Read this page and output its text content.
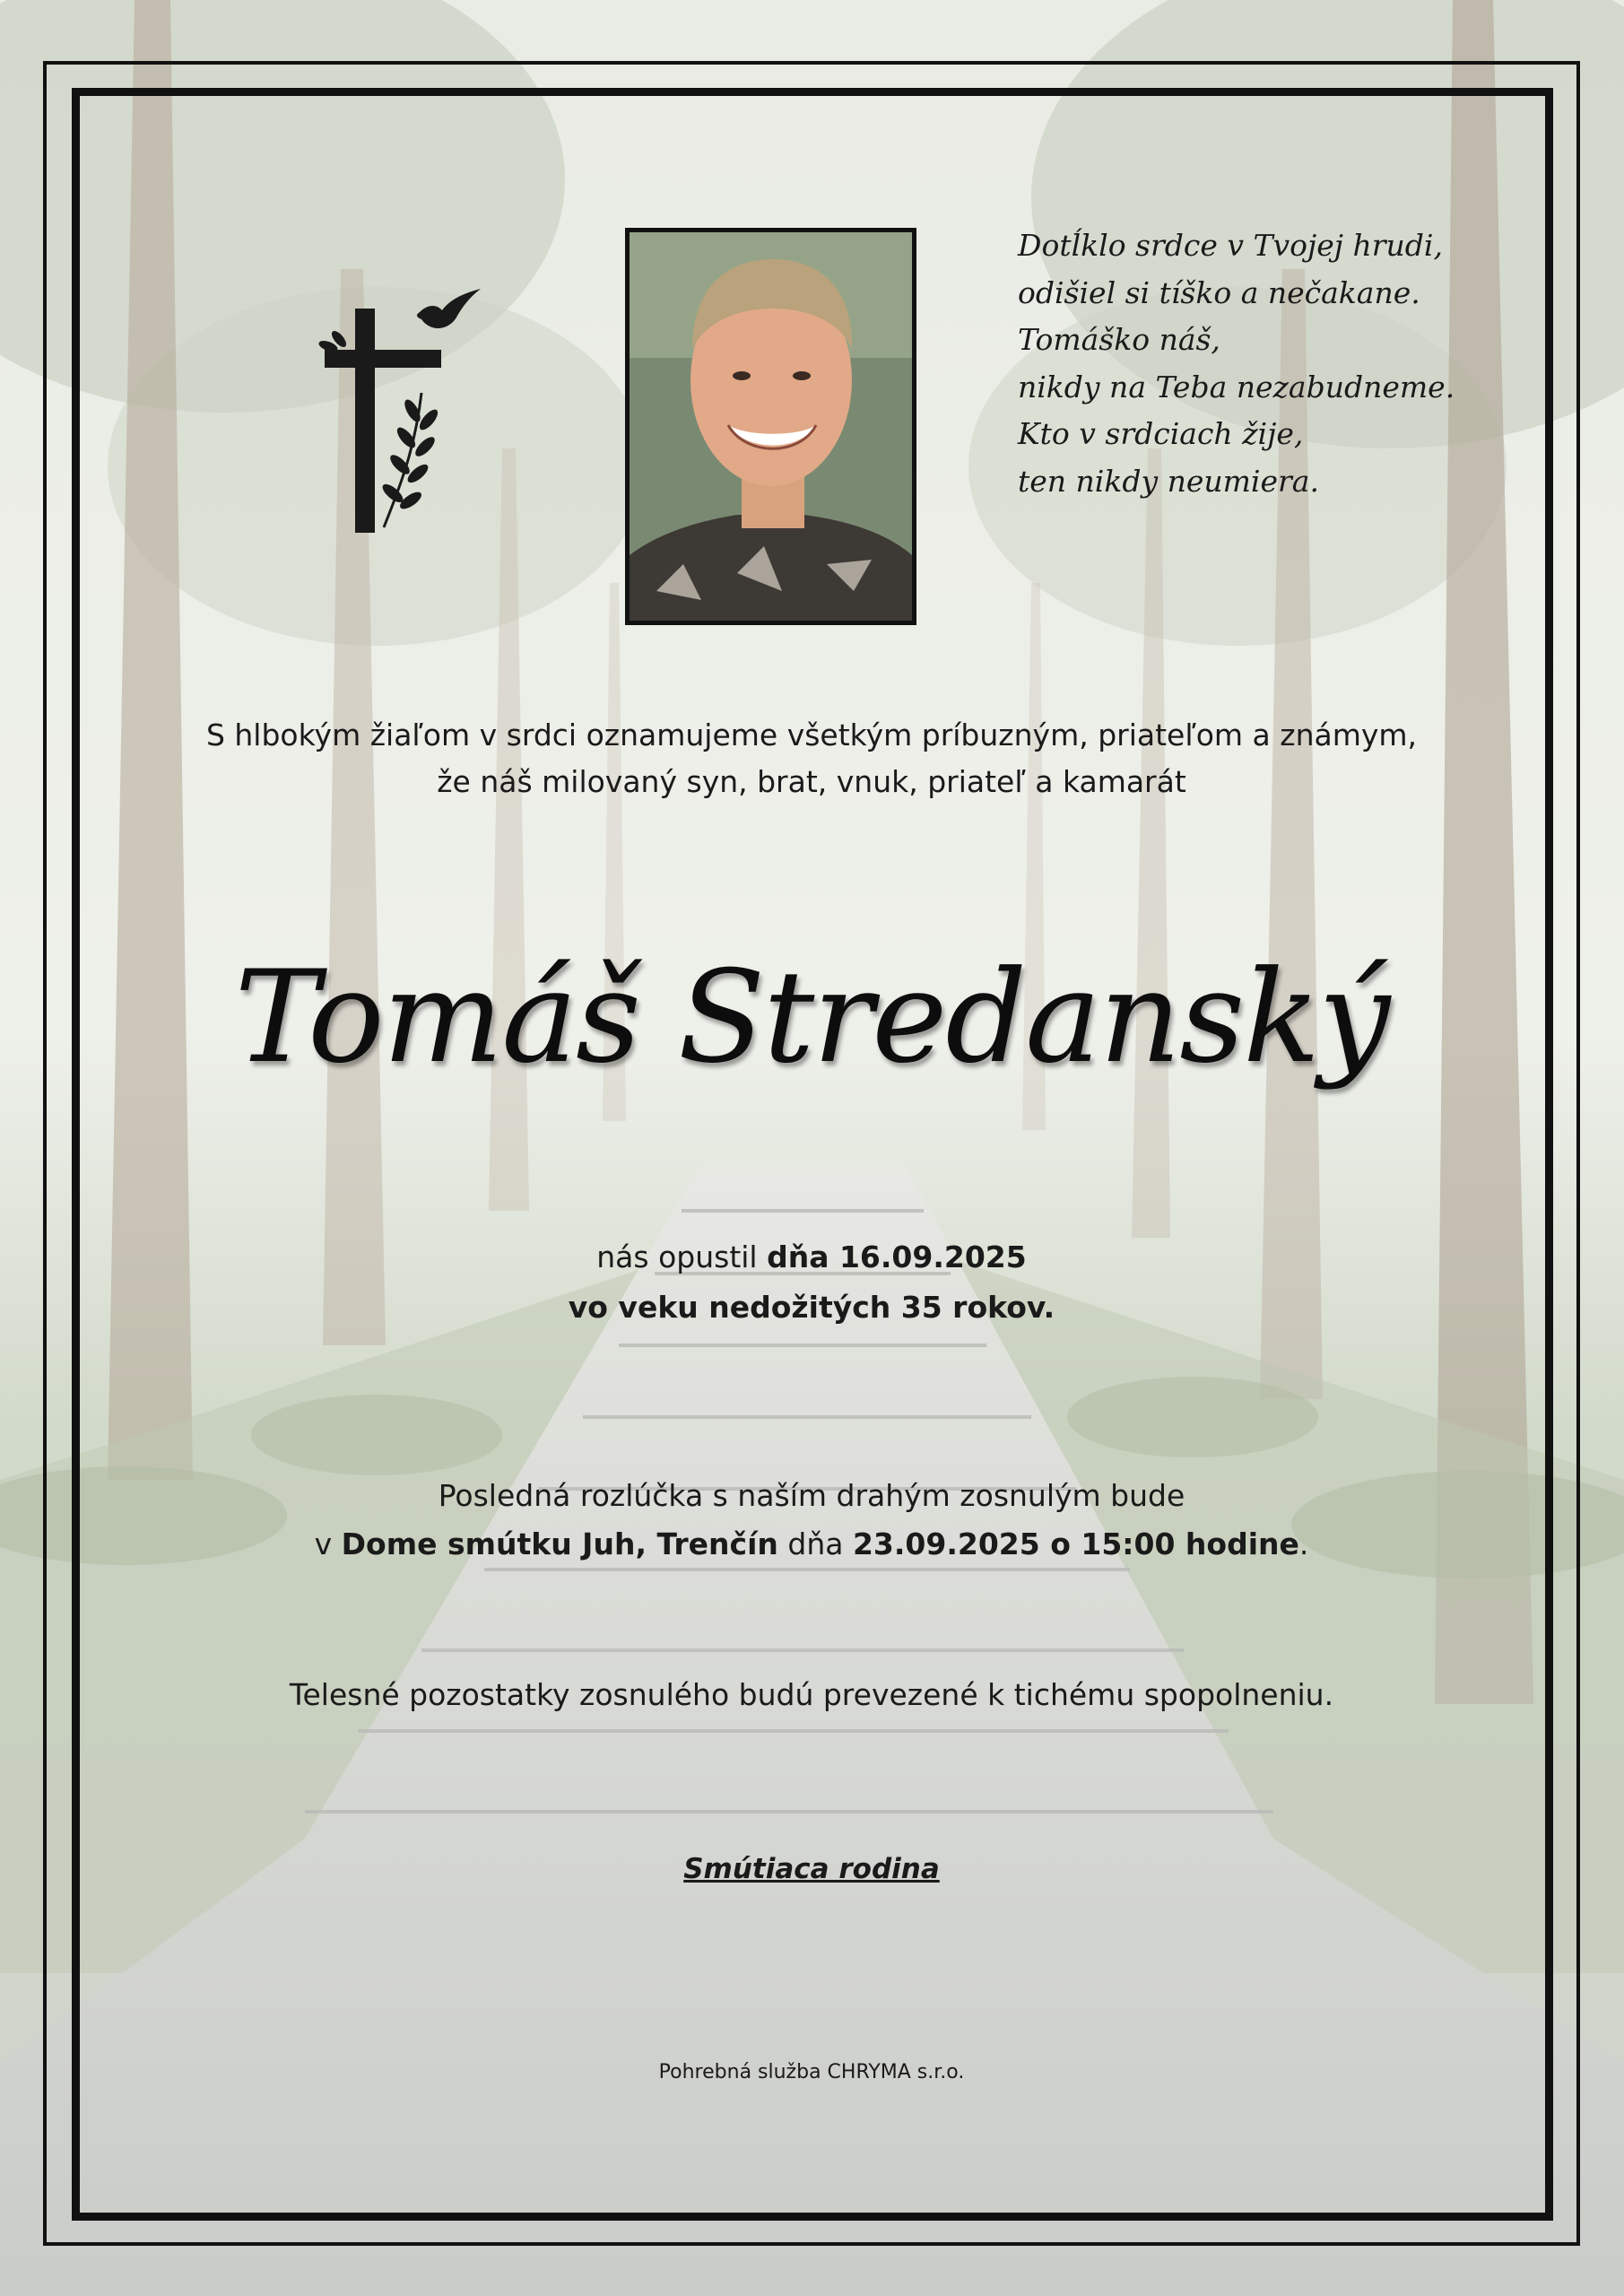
Dotĺklo srdce v Tvojej hrudi,
odišiel si tíško a nečakane.
Tomáško náš,
nikdy na Teba nezabudneme.
Kto v srdciach žije,
ten nikdy neumiera.
S hlbokým žiaľom v srdci oznamujeme všetkým príbuzným, priateľom a známym,
že náš milovaný syn, brat, vnuk, priateľ a kamarát
Tomáš Stredanský
nás opustil dňa 16.09.2025
vo veku nedožitých 35 rokov.
Posledná rozlúčka s naším drahým zosnulým bude
v Dome smútku Juh, Trenčín dňa 23.09.2025 o 15:00 hodine.
Telesné pozostatky zosnulého budú prevezené k tichému spopolneniu.
Smútiaca rodina
Pohrebná služba CHRYMA s.r.o.
